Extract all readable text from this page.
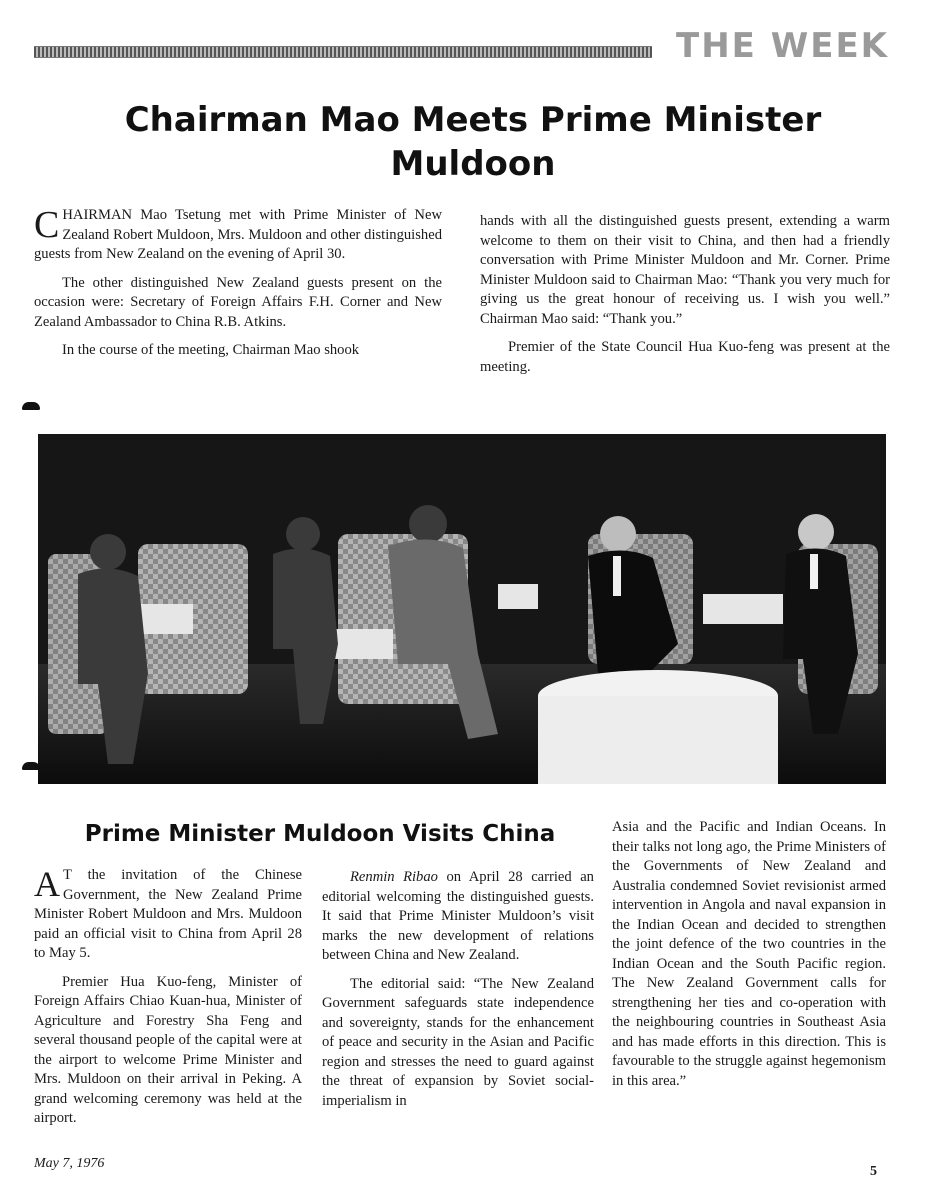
THE WEEK
Chairman Mao Meets Prime Minister Muldoon

CHAIRMAN Mao Tsetung met with Prime Minister of New Zealand Robert Muldoon, Mrs. Muldoon and other distinguished guests from New Zealand on the evening of April 30.

The other distinguished New Zealand guests present on the occasion were: Secretary of Foreign Affairs F.H. Corner and New Zealand Ambassador to China R.B. Atkins.

In the course of the meeting, Chairman Mao shook

hands with all the distinguished guests present, extending a warm welcome to them on their visit to China, and then had a friendly conversation with Prime Minister Muldoon and Mr. Corner. Prime Minister Muldoon said to Chairman Mao: “Thank you very much for giving us the great honour of receiving us. I wish you well.” Chairman Mao said: “Thank you.”

Premier of the State Council Hua Kuo-feng was present at the meeting.

Prime Minister Muldoon Visits China

A T the invitation of the Chinese Government, the New Zealand Prime Minister Robert Muldoon and Mrs. Muldoon paid an official visit to China from April 28 to May 5.

Premier Hua Kuo-feng, Minister of Foreign Affairs Chiao Kuan-hua, Minister of Agriculture and Forestry Sha Feng and several thousand people of the capital were at the airport to welcome Prime Minister and Mrs. Muldoon on their arrival in Peking. A grand welcoming ceremony was held at the airport.

Renmin Ribao on April 28 carried an editorial welcoming the distinguished guests. It said that Prime Minister Muldoon’s visit marks the new development of relations between China and New Zealand.

The editorial said: “The New Zealand Government safeguards state independence and sovereignty, stands for the enhancement of peace and security in the Asian and Pacific region and stresses the need to guard against the threat of expansion by Soviet social-imperialism in

Asia and the Pacific and Indian Oceans. In their talks not long ago, the Prime Ministers of the Governments of New Zealand and Australia condemned Soviet revisionist armed intervention in Angola and naval expansion in the Indian Ocean and decided to strengthen the joint defence of the two countries in the Indian Ocean and the South Pacific region. The New Zealand Government calls for strengthening her ties and co-operation with the neighbouring countries in Southeast Asia and has made efforts in this direction. This is favourable to the struggle against hegemonism in this area.”

May 7, 1976
5
